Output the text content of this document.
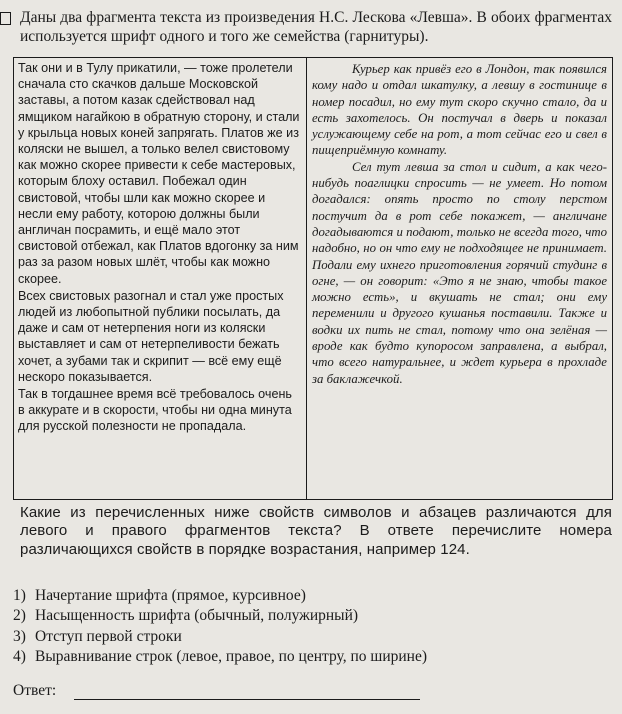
Даны два фрагмента текста из произведения Н.С. Лескова «Левша». В обоих фрагментах используется шрифт одного и того же семейства (гарнитуры).

Так они и в Тулу прикатили, — тоже пролетели сначала сто скачков дальше Московской заставы, а потом казак сдействовал над ямщиком нагайкою в обратную сторону, и стали у крыльца новых коней запрягать. Платов же из коляски не вышел, а только велел свистовому как можно скорее привести к себе мастеровых, которым блоху оставил. Побежал один свистовой, чтобы шли как можно скорее и несли ему работу, которою должны были англичан посрамить, и ещё мало этот свистовой отбежал, как Платов вдогонку за ним раз за разом новых шлёт, чтобы как можно скорее.

Всех свистовых разогнал и стал уже простых людей из любопытной публики посылать, да даже и сам от нетерпения ноги из коляски выставляет и сам от нетерпеливости бежать хочет, а зубами так и скрипит — всё ему ещё нескоро показывается.

Так в тогдашнее время всё требовалось очень в аккурате и в скорости, чтобы ни одна минута для русской полезности не пропадала.

Курьер как привёз его в Лондон, так появился кому надо и отдал шкатулку, а левшу в гостинице в номер посадил, но ему тут скоро скучно стало, да и есть захотелось. Он постучал в дверь и показал услужающему себе на рот, а тот сейчас его и свел в пищеприёмную комнату.

Сел тут левша за стол и сидит, а как чего-нибудь поаглицки спросить — не умеет. Но потом догадался: опять просто по столу перстом постучит да в рот себе покажет, — англичане догадываются и подают, только не всегда того, что надобно, но он что ему не подходящее не принимает. Подали ему ихнего приготовления горячий студинг в огне, — он говорит: «Это я не знаю, чтобы такое можно есть», и вкушать не стал; они ему переменили и другого кушанья поставили. Также и водки их пить не стал, потому что она зелёная — вроде как будто купоросом заправлена, а выбрал, что всего натуральнее, и ждет курьера в прохладе за баклажечкой.

Какие из перечисленных ниже свойств символов и абзацев различаются для левого и правого фрагментов текста? В ответе перечислите номера различающихся свойств в порядке возрастания, например 124.
1) Начертание шрифта (прямое, курсивное)
2) Насыщенность шрифта (обычный, полужирный)
3) Отступ первой строки
4) Выравнивание строк (левое, правое, по центру, по ширине)
Ответ:
